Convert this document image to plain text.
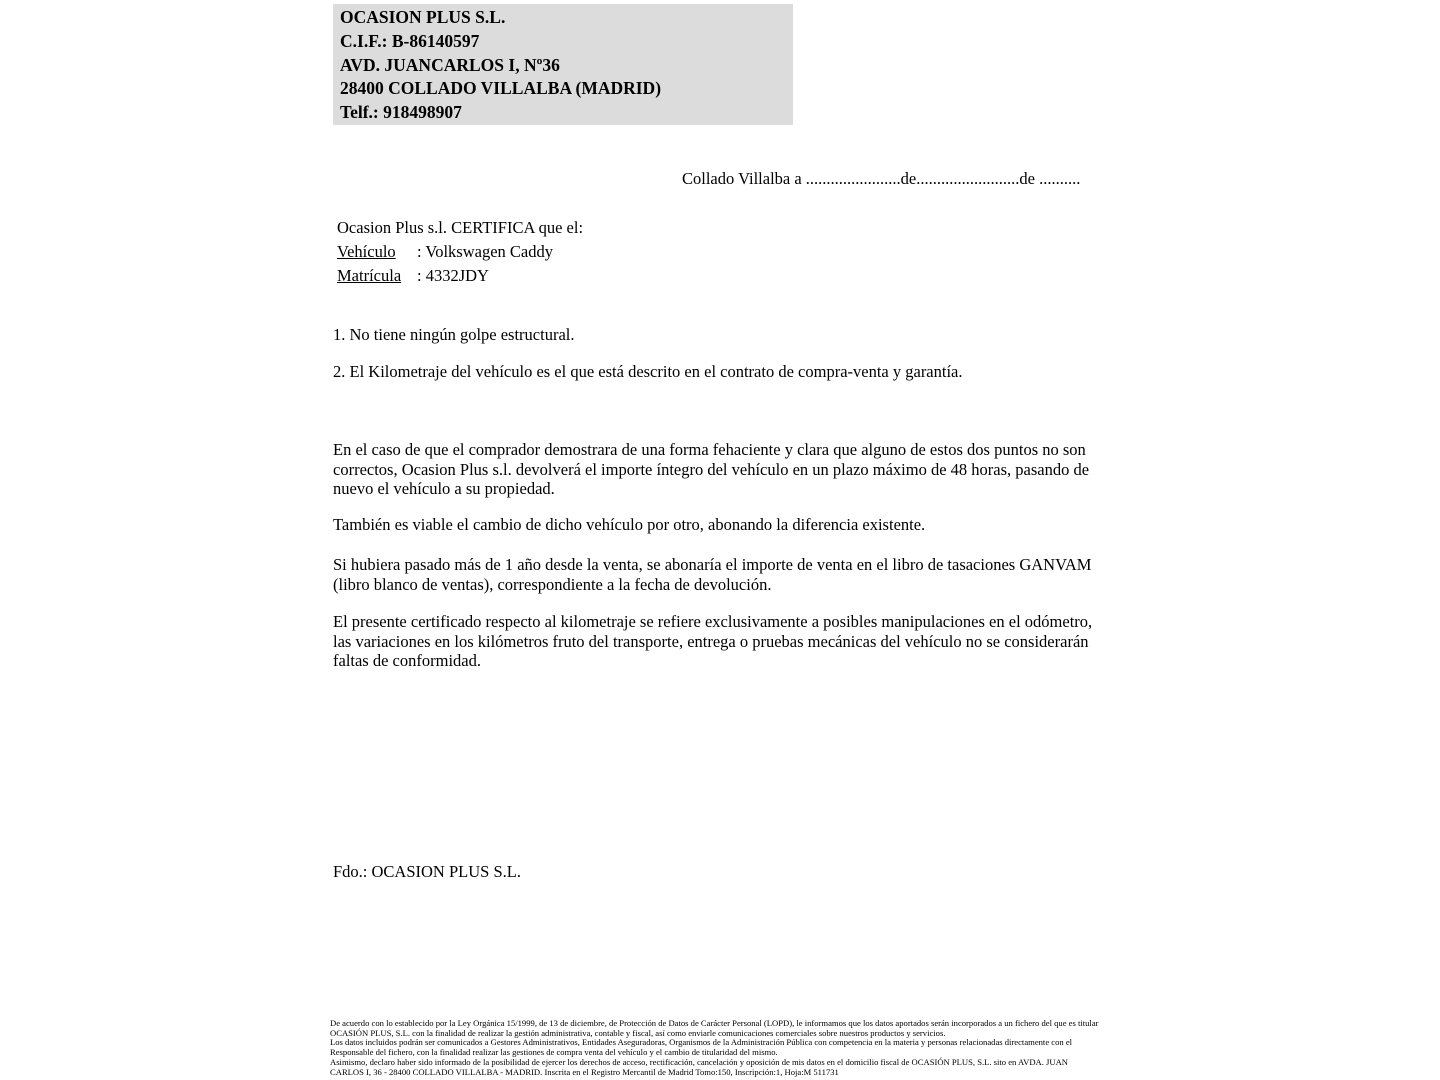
OCASION PLUS S.L.
C.I.F.: B-86140597
AVD. JUANCARLOS I, Nº36
28400 COLLADO VILLALBA (MADRID)
Telf.: 918498907
Collado Villalba a .......................de.........................de ..........
Ocasion Plus s.l. CERTIFICA que el:
Vehículo : Volkswagen Caddy
Matrícula : 4332JDY
1. No tiene ningún golpe estructural.
2. El Kilometraje del vehículo es el que está descrito en el contrato de compra-venta y garantía.
En el caso de que el comprador demostrara de una forma fehaciente y clara que alguno de estos dos puntos no son correctos, Ocasion Plus s.l. devolverá el importe íntegro del vehículo en un plazo máximo de 48 horas, pasando de nuevo el vehículo a su propiedad.
También es viable el cambio de dicho vehículo por otro, abonando la diferencia existente.
Si hubiera pasado más de 1 año desde la venta, se abonaría el importe de venta en el libro de tasaciones GANVAM (libro blanco de ventas), correspondiente a la fecha de devolución.
El presente certificado respecto al kilometraje se refiere exclusivamente a posibles manipulaciones en el odómetro, las variaciones en los kilómetros fruto del transporte, entrega o pruebas mecánicas del vehículo no se considerarán faltas de conformidad.
Fdo.: OCASION PLUS S.L.
De acuerdo con lo establecido por la Ley Orgánica 15/1999, de 13 de diciembre, de Protección de Datos de Carácter Personal (LOPD), le informamos que los datos aportados serán incorporados a un fichero del que es titular OCASIÓN PLUS, S.L. con la finalidad de realizar la gestión administrativa, contable y fiscal, así como enviarle comunicaciones comerciales sobre nuestros productos y servicios.
Los datos incluidos podrán ser comunicados a Gestores Administrativos, Entidades Aseguradoras, Organismos de la Administración Pública con competencia en la materia y personas relacionadas directamente con el Responsable del fichero, con la finalidad realizar las gestiones de compra venta del vehículo y el cambio de titularidad del mismo.
Asimismo, declaro haber sido informado de la posibilidad de ejercer los derechos de acceso, rectificación, cancelación y oposición de mis datos en el domicilio fiscal de OCASIÓN PLUS, S.L. sito en AVDA. JUAN CARLOS I, 36 - 28400 COLLADO VILLALBA - MADRID. Inscrita en el Registro Mercantil de Madrid Tomo:150, Inscripción:1, Hoja:M 511731
